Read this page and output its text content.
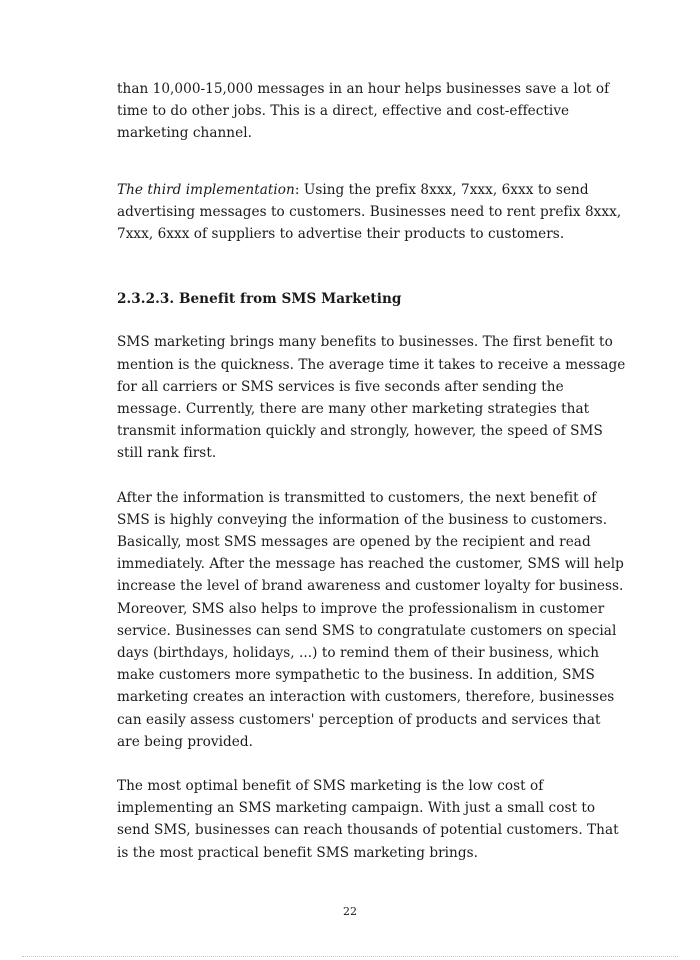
than 10,000-15,000 messages in an hour helps businesses save a lot of time to do other jobs. This is a direct, effective and cost-effective marketing channel.

The third implementation: Using the prefix 8xxx, 7xxx, 6xxx to send advertising messages to customers. Businesses need to rent prefix 8xxx, 7xxx, 6xxx of suppliers to advertise their products to customers.

2.3.2.3. Benefit from SMS Marketing

SMS marketing brings many benefits to businesses. The first benefit to mention is the quickness. The average time it takes to receive a message for all carriers or SMS services is five seconds after sending the message. Currently, there are many other marketing strategies that transmit information quickly and strongly, however, the speed of SMS still rank first.

After the information is transmitted to customers, the next benefit of SMS is highly conveying the information of the business to customers. Basically, most SMS messages are opened by the recipient and read immediately. After the message has reached the customer, SMS will help increase the level of brand awareness and customer loyalty for business. Moreover, SMS also helps to improve the professionalism in customer service. Businesses can send SMS to congratulate customers on special days (birthdays, holidays, ...) to remind them of their business, which make customers more sympathetic to the business. In addition, SMS marketing creates an interaction with customers, therefore, businesses can easily assess customers' perception of products and services that are being provided.

The most optimal benefit of SMS marketing is the low cost of implementing an SMS marketing campaign. With just a small cost to send SMS, businesses can reach thousands of potential customers. That is the most practical benefit SMS marketing brings.

22
